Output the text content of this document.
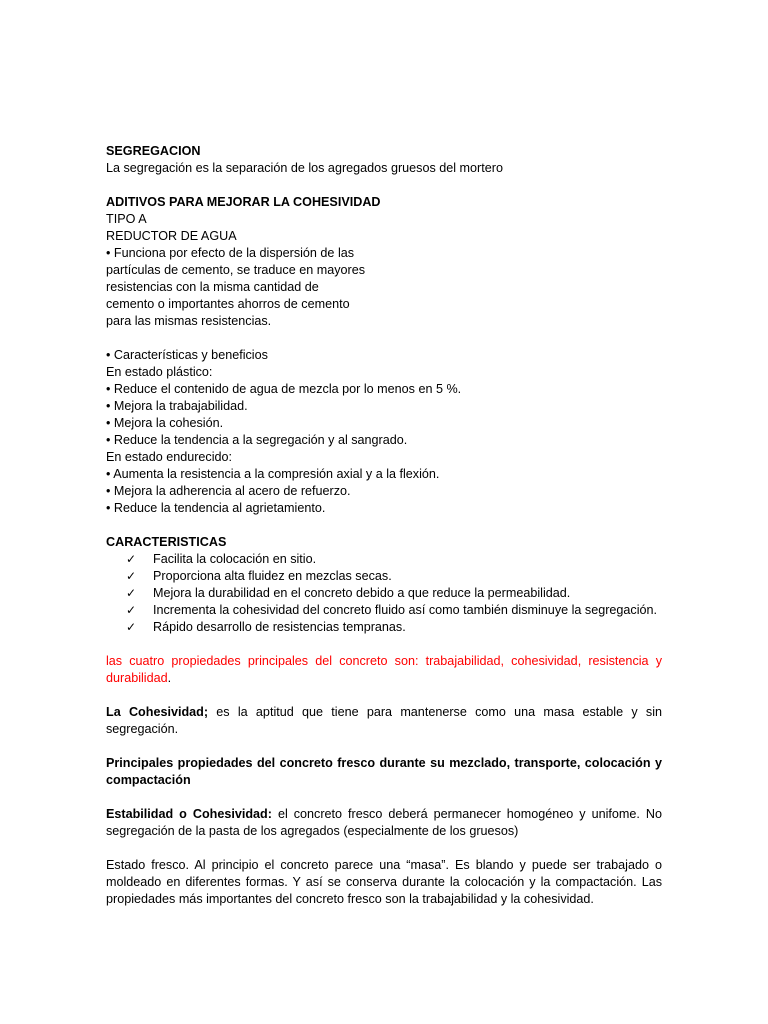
SEGREGACION
La segregación es la separación de los agregados gruesos del mortero
ADITIVOS PARA MEJORAR LA COHESIVIDAD
TIPO A
REDUCTOR DE AGUA
• Funciona por efecto de la dispersión de las
partículas de cemento, se traduce en mayores
resistencias con la misma cantidad de
cemento o importantes ahorros de cemento
para las mismas resistencias.
• Características y beneficios
En estado plástico:
• Reduce el contenido de agua de mezcla por lo menos en 5 %.
• Mejora la trabajabilidad.
• Mejora la cohesión.
• Reduce la tendencia a la segregación y al sangrado.
En estado endurecido:
• Aumenta la resistencia a la compresión axial y a la flexión.
• Mejora la adherencia al acero de refuerzo.
• Reduce la tendencia al agrietamiento.
CARACTERISTICAS
✓ Facilita la colocación en sitio.
✓ Proporciona alta fluidez en mezclas secas.
✓ Mejora la durabilidad en el concreto debido a que reduce la permeabilidad.
✓ Incrementa la cohesividad del concreto fluido así como también disminuye la segregación.
✓ Rápido desarrollo de resistencias tempranas.
las cuatro propiedades principales del concreto son: trabajabilidad, cohesividad, resistencia y durabilidad.
La Cohesividad; es la aptitud que tiene para mantenerse como una masa estable y sin segregación.
Principales propiedades del concreto fresco durante su mezclado, transporte, colocación y compactación
Estabilidad o Cohesividad: el concreto fresco deberá permanecer homogéneo y unifome. No segregación de la pasta de los agregados (especialmente de los gruesos)
Estado fresco. Al principio el concreto parece una “masa”. Es blando y puede ser trabajado o moldeado en diferentes formas. Y así se conserva durante la colocación y la compactación. Las propiedades más importantes del concreto fresco son la trabajabilidad y la cohesividad.
